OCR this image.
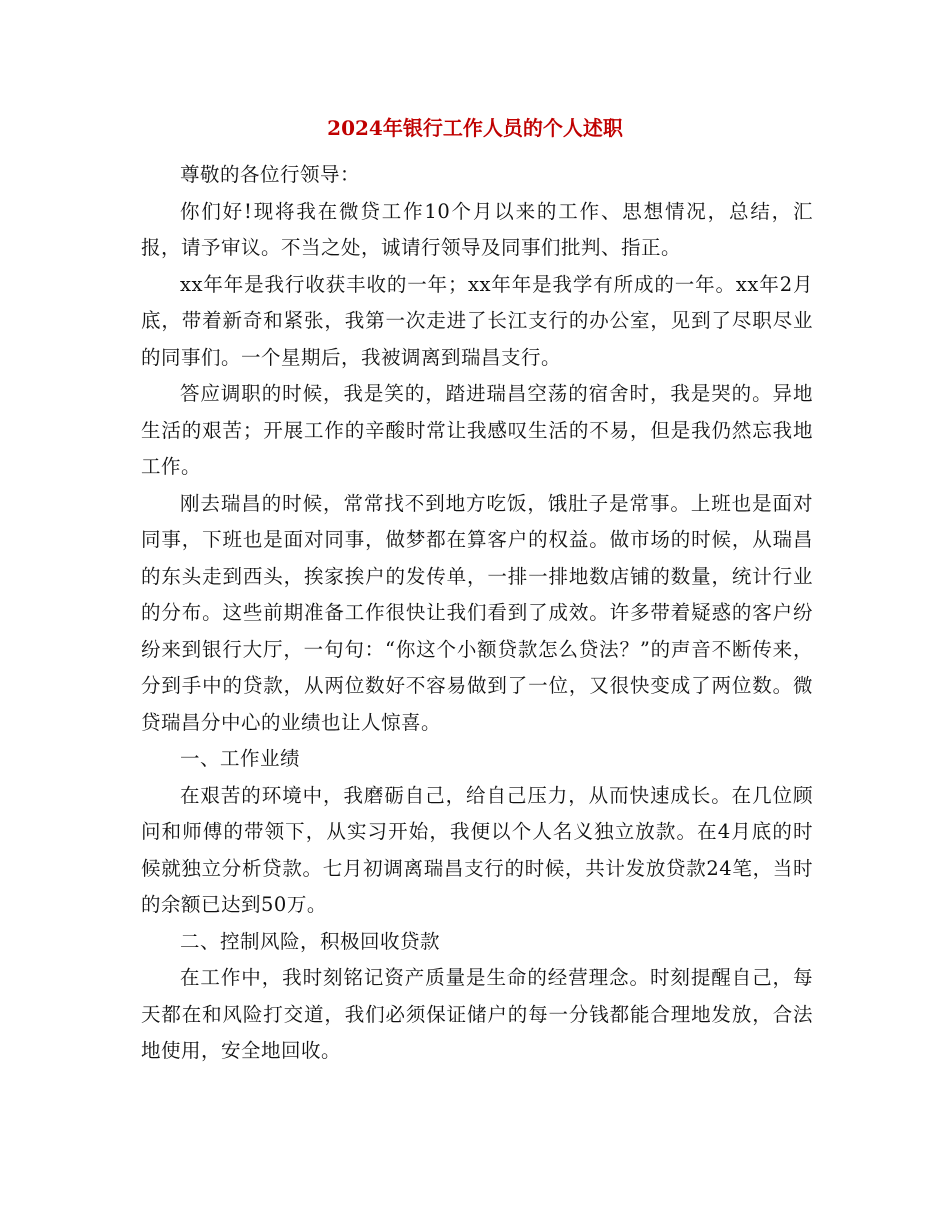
2024年银行工作人员的个人述职

尊敬的各位行领导：

你们好!现将我在微贷工作10个月以来的工作、思想情况，总结，汇报，请予审议。不当之处，诚请行领导及同事们批判、指正。

xx年年是我行收获丰收的一年；xx年年是我学有所成的一年。xx年2月底，带着新奇和紧张，我第一次走进了长江支行的办公室，见到了尽职尽业的同事们。一个星期后，我被调离到瑞昌支行。

答应调职的时候，我是笑的，踏进瑞昌空荡的宿舍时，我是哭的。异地生活的艰苦；开展工作的辛酸时常让我感叹生活的不易，但是我仍然忘我地工作。

刚去瑞昌的时候，常常找不到地方吃饭，饿肚子是常事。上班也是面对同事，下班也是面对同事，做梦都在算客户的权益。做市场的时候，从瑞昌的东头走到西头，挨家挨户的发传单，一排一排地数店铺的数量，统计行业的分布。这些前期准备工作很快让我们看到了成效。许多带着疑惑的客户纷纷来到银行大厅，一句句：“你这个小额贷款怎么贷法？”的声音不断传来，分到手中的贷款，从两位数好不容易做到了一位，又很快变成了两位数。微贷瑞昌分中心的业绩也让人惊喜。

一、工作业绩

在艰苦的环境中，我磨砺自己，给自己压力，从而快速成长。在几位顾问和师傅的带领下，从实习开始，我便以个人名义独立放款。在4月底的时候就独立分析贷款。七月初调离瑞昌支行的时候，共计发放贷款24笔，当时的余额已达到50万。

二、控制风险，积极回收贷款

在工作中，我时刻铭记资产质量是生命的经营理念。时刻提醒自己，每天都在和风险打交道，我们必须保证储户的每一分钱都能合理地发放，合法地使用，安全地回收。
